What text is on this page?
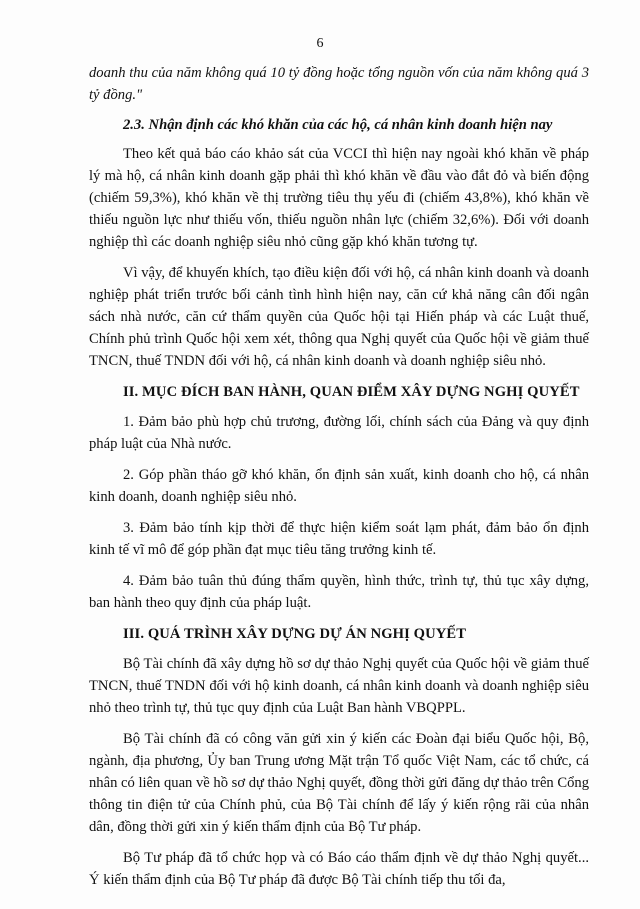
6

doanh thu của năm không quá 10 tỷ đồng hoặc tổng nguồn vốn của năm không quá 3 tỷ đồng."

2.3. Nhận định các khó khăn của các hộ, cá nhân kinh doanh hiện nay

Theo kết quả báo cáo khảo sát của VCCI thì hiện nay ngoài khó khăn về pháp lý mà hộ, cá nhân kinh doanh gặp phải thì khó khăn về đầu vào đắt đỏ và biến động (chiếm 59,3%), khó khăn về thị trường tiêu thụ yếu đi (chiếm 43,8%), khó khăn về thiếu nguồn lực như thiếu vốn, thiếu nguồn nhân lực (chiếm 32,6%). Đối với doanh nghiệp thì các doanh nghiệp siêu nhỏ cũng gặp khó khăn tương tự.

Vì vậy, để khuyến khích, tạo điều kiện đối với hộ, cá nhân kinh doanh và doanh nghiệp phát triển trước bối cảnh tình hình hiện nay, căn cứ khả năng cân đối ngân sách nhà nước, căn cứ thẩm quyền của Quốc hội tại Hiến pháp và các Luật thuế, Chính phủ trình Quốc hội xem xét, thông qua Nghị quyết của Quốc hội về giảm thuế TNCN, thuế TNDN đối với hộ, cá nhân kinh doanh và doanh nghiệp siêu nhỏ.

II. MỤC ĐÍCH BAN HÀNH, QUAN ĐIỂM XÂY DỰNG NGHỊ QUYẾT

1. Đảm bảo phù hợp chủ trương, đường lối, chính sách của Đảng và quy định pháp luật của Nhà nước.

2. Góp phần tháo gỡ khó khăn, ổn định sản xuất, kinh doanh cho hộ, cá nhân kinh doanh, doanh nghiệp siêu nhỏ.

3. Đảm bảo tính kịp thời để thực hiện kiểm soát lạm phát, đảm bảo ổn định kinh tế vĩ mô để góp phần đạt mục tiêu tăng trưởng kinh tế.

4. Đảm bảo tuân thủ đúng thẩm quyền, hình thức, trình tự, thủ tục xây dựng, ban hành theo quy định của pháp luật.

III. QUÁ TRÌNH XÂY DỰNG DỰ ÁN NGHỊ QUYẾT

Bộ Tài chính đã xây dựng hồ sơ dự thảo Nghị quyết của Quốc hội về giảm thuế TNCN, thuế TNDN đối với hộ kinh doanh, cá nhân kinh doanh và doanh nghiệp siêu nhỏ theo trình tự, thủ tục quy định của Luật Ban hành VBQPPL.

Bộ Tài chính đã có công văn gửi xin ý kiến các Đoàn đại biểu Quốc hội, Bộ, ngành, địa phương, Ủy ban Trung ương Mặt trận Tổ quốc Việt Nam, các tổ chức, cá nhân có liên quan về hồ sơ dự thảo Nghị quyết, đồng thời gửi đăng dự thảo trên Cổng thông tin điện tử của Chính phủ, của Bộ Tài chính để lấy ý kiến rộng rãi của nhân dân, đồng thời gửi xin ý kiến thẩm định của Bộ Tư pháp.

Bộ Tư pháp đã tổ chức họp và có Báo cáo thẩm định về dự thảo Nghị quyết... Ý kiến thẩm định của Bộ Tư pháp đã được Bộ Tài chính tiếp thu tối đa,
